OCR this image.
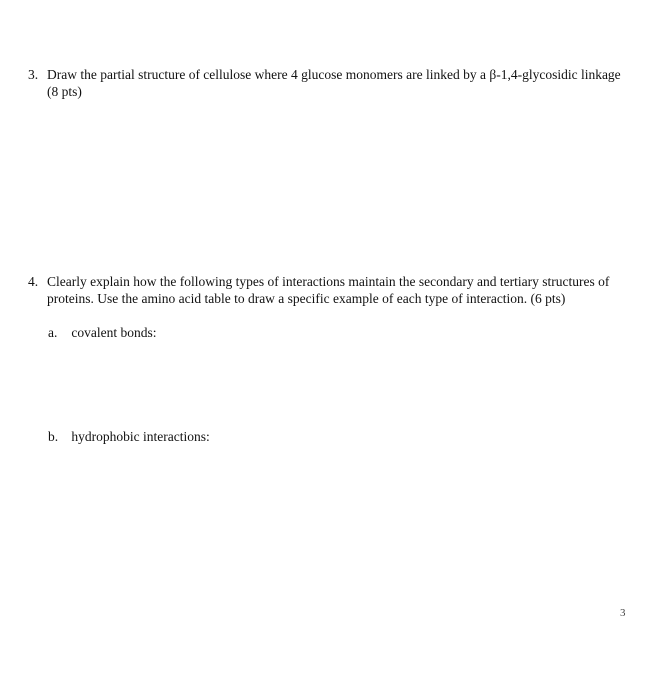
3. Draw the partial structure of cellulose where 4 glucose monomers are linked by a β-1,4-glycosidic linkage (8 pts)
4. Clearly explain how the following types of interactions maintain the secondary and tertiary structures of proteins. Use the amino acid table to draw a specific example of each type of interaction. (6 pts)
a. covalent bonds:
b. hydrophobic interactions:
3
